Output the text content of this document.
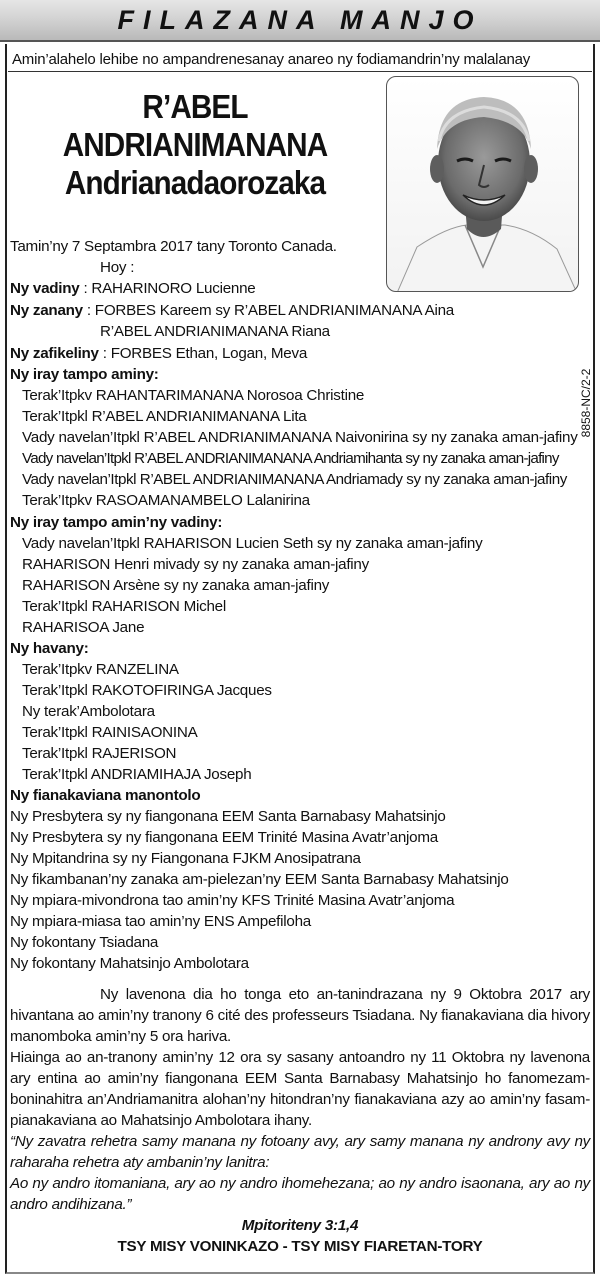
FILAZANA MANJO
Amin’alahelo lehibe no ampandrenesanay anareo ny fodiamandrin’ny malalanay
R’ABEL
ANDRIANIMANANA
Andrianadaorozaka
8858-NC/2-2
Tamin’ny 7 Septambra 2017 tany Toronto Canada.
Hoy :
Ny vadiny : RAHARINORO Lucienne
Ny zanany : FORBES Kareem sy R’ABEL ANDRIANIMANANA Aina
R’ABEL ANDRIANIMANANA Riana
Ny zafikeliny : FORBES Ethan, Logan, Meva
Ny iray tampo aminy:
Terak’Itpkv RAHANTARIMANANA Norosoa Christine
Terak’Itpkl R’ABEL ANDRIANIMANANA Lita
Vady navelan’Itpkl R’ABEL ANDRIANIMANANA Naivonirina sy ny zanaka aman-jafiny
Vady navelan’Itpkl R’ABEL ANDRIANIMANANA Andriamihanta sy ny zanaka aman-jafiny
Vady navelan’Itpkl R’ABEL ANDRIANIMANANA Andriamady sy ny zanaka aman-jafiny
Terak’Itpkv RASOAMANAMBELO Lalanirina
Ny iray tampo amin’ny vadiny:
Vady navelan’Itpkl RAHARISON Lucien Seth sy ny zanaka aman-jafiny
RAHARISON Henri mivady sy ny zanaka aman-jafiny
RAHARISON Arsène sy ny zanaka aman-jafiny
Terak’Itpkl RAHARISON Michel
RAHARISOA Jane
Ny havany:
Terak’Itpkv RANZELINA
Terak’Itpkl RAKOTOFIRINGA Jacques
Ny terak’Ambolotara
Terak’Itpkl RAINISAONINA
Terak’Itpkl RAJERISON
Terak’Itpkl ANDRIAMIHAJA Joseph
Ny fianakaviana manontolo
Ny Presbytera sy ny fiangonana EEM Santa Barnabasy Mahatsinjo
Ny Presbytera sy ny fiangonana EEM Trinité Masina Avatr’anjoma
Ny Mpitandrina sy ny Fiangonana FJKM Anosipatrana
Ny fikambanan’ny zanaka am-pielezan’ny EEM Santa Barnabasy Mahatsinjo
Ny mpiara-mivondrona tao amin’ny KFS Trinité Masina Avatr’anjoma
Ny mpiara-miasa tao amin’ny ENS Ampefiloha
Ny fokontany Tsiadana
Ny fokontany Mahatsinjo Ambolotara
Ny lavenona dia ho tonga eto an-tanindrazana ny 9 Oktobra 2017 ary hivantana ao amin’ny tranony 6 cité des professeurs Tsiadana. Ny fianakaviana dia hivory manomboka amin’ny 5 ora hariva.
Hiainga ao an-tranony amin’ny 12 ora sy sasany antoandro ny 11 Oktobra ny lavenona ary entina ao amin’ny fiangonana EEM Santa Barnabasy Mahatsinjo ho fanomezam-boninahitra an’Andriamanitra alohan’ny hitondran’ny fianakaviana azy ao amin’ny fasam-pianakaviana ao Mahatsinjo Ambolotara ihany.
“Ny zavatra rehetra samy manana ny fotoany avy, ary samy manana ny androny avy ny raharaha rehetra aty ambanin’ny lanitra:
Ao ny andro itomaniana, ary ao ny andro ihomehezana; ao ny andro isaonana, ary ao ny andro andihizana.”
Mpitoriteny 3:1,4
TSY MISY VONINKAZO - TSY MISY FIARETAN-TORY
